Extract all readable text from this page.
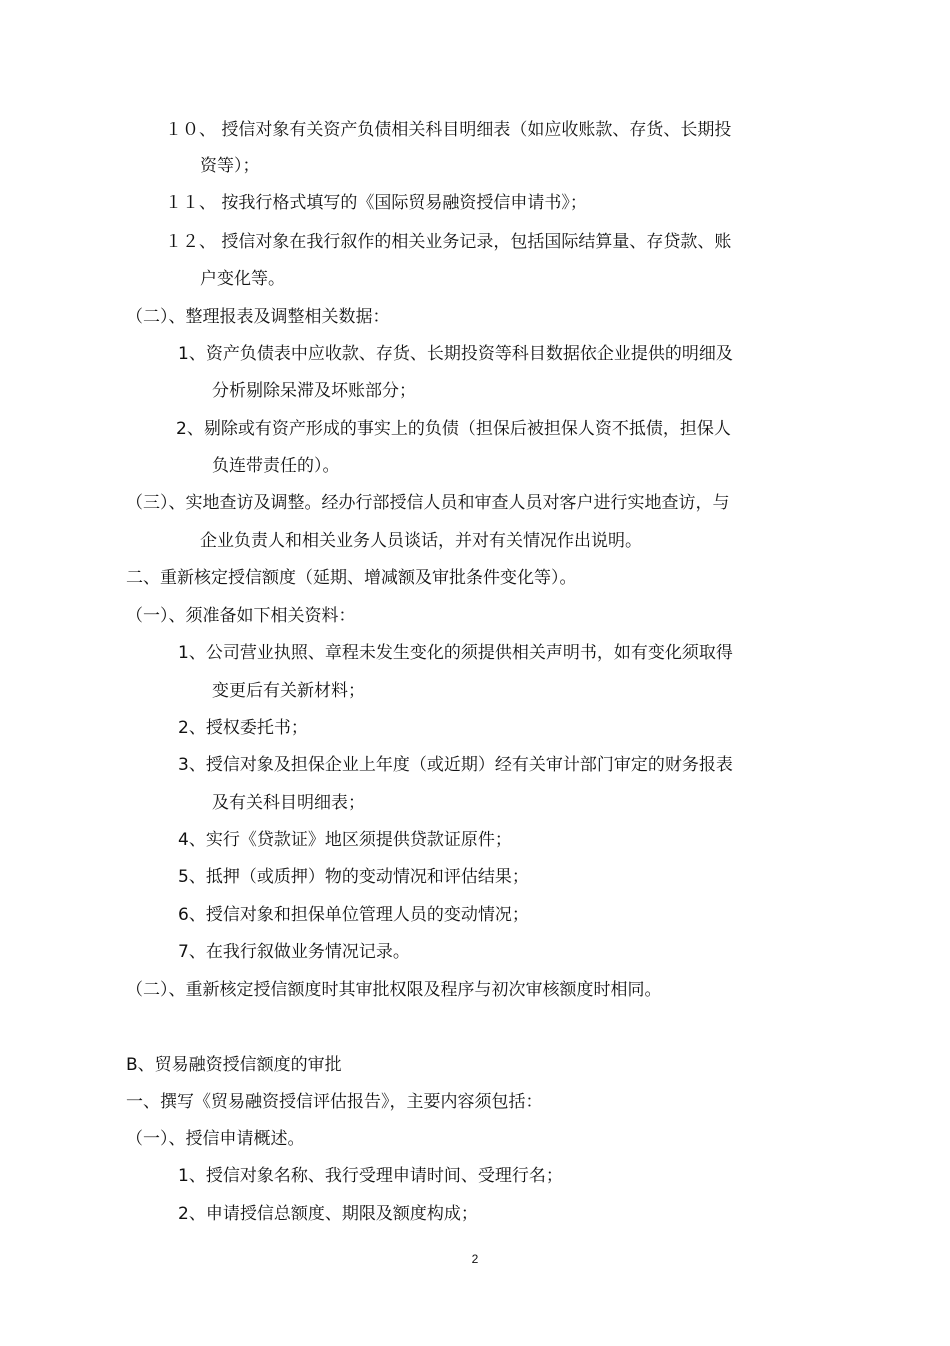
１０、 授信对象有关资产负债相关科目明细表（如应收账款、存货、长期投
资等）；
１１、 按我行格式填写的《国际贸易融资授信申请书》；
１２、 授信对象在我行叙作的相关业务记录，包括国际结算量、存贷款、账
户变化等。
（二）、整理报表及调整相关数据：
1、资产负债表中应收款、存货、长期投资等科目数据依企业提供的明细及
分析剔除呆滞及坏账部分；
2、剔除或有资产形成的事实上的负债（担保后被担保人资不抵债，担保人
负连带责任的）。
（三）、实地查访及调整。经办行部授信人员和审查人员对客户进行实地查访，与
企业负责人和相关业务人员谈话，并对有关情况作出说明。
二、重新核定授信额度（延期、增减额及审批条件变化等）。
（一）、须准备如下相关资料：
1、公司营业执照、章程未发生变化的须提供相关声明书，如有变化须取得
变更后有关新材料；
2、授权委托书；
3、授信对象及担保企业上年度（或近期）经有关审计部门审定的财务报表
及有关科目明细表；
4、实行《贷款证》地区须提供贷款证原件；
5、抵押（或质押）物的变动情况和评估结果；
6、授信对象和担保单位管理人员的变动情况；
7、在我行叙做业务情况记录。
（二）、重新核定授信额度时其审批权限及程序与初次审核额度时相同。
B、贸易融资授信额度的审批
一、撰写《贸易融资授信评估报告》，主要内容须包括：
（一）、授信申请概述。
1、授信对象名称、我行受理申请时间、受理行名；
2、申请授信总额度、期限及额度构成；
2
